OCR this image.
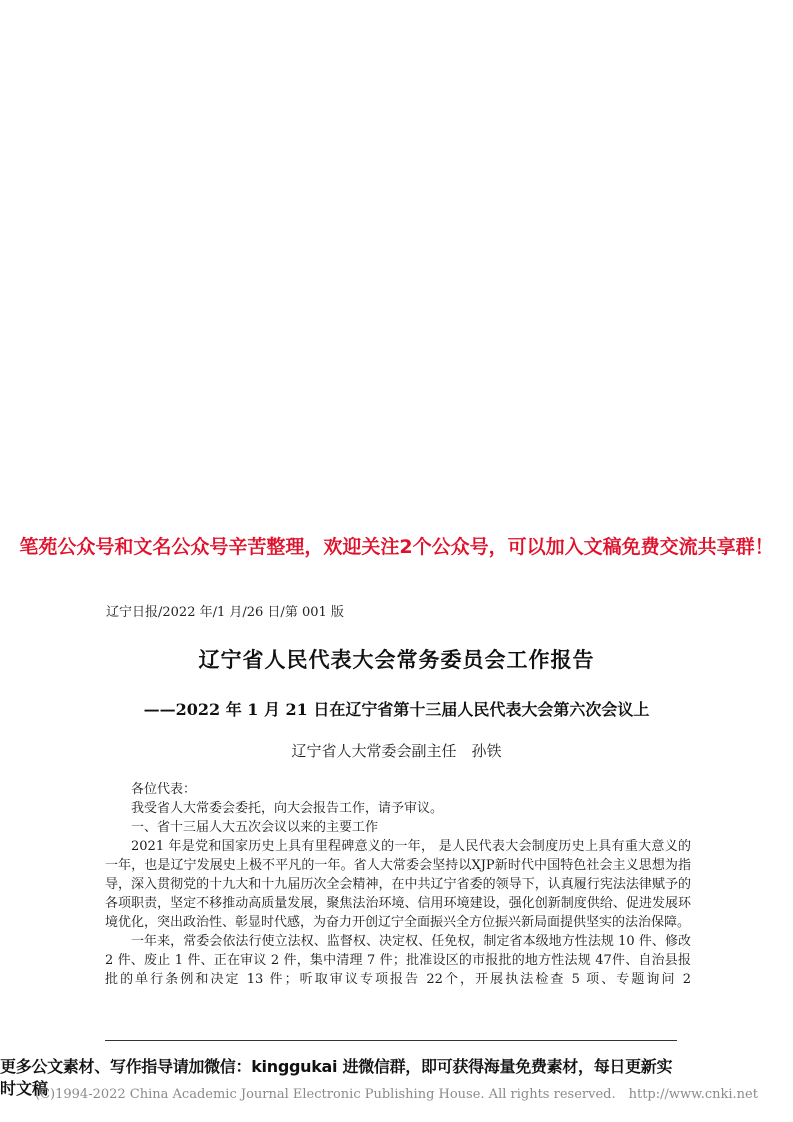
笔苑公众号和文名公众号辛苦整理，欢迎关注2个公众号，可以加入文稿免费交流共享群！
辽宁日报/2022 年/1 月/26 日/第 001 版
辽宁省人民代表大会常务委员会工作报告
——2022 年 1 月 21 日在辽宁省第十三届人民代表大会第六次会议上
辽宁省人大常委会副主任　孙铁

各位代表：

我受省人大常委会委托，向大会报告工作，请予审议。

一、省十三届人大五次会议以来的主要工作

2021 年是党和国家历史上具有里程碑意义的一年， 是人民代表大会制度历史上具有重大意义的一年，也是辽宁发展史上极不平凡的一年。省人大常委会坚持以XJP新时代中国特色社会主义思想为指导，深入贯彻党的十九大和十九届历次全会精神，在中共辽宁省委的领导下，认真履行宪法法律赋予的各项职责，坚定不移推动高质量发展，聚焦法治环境、信用环境建设，强化创新制度供给、促进发展环境优化，突出政治性、彰显时代感，为奋力开创辽宁全面振兴全方位振兴新局面提供坚实的法治保障。

一年来，常委会依法行使立法权、监督权、决定权、任免权，制定省本级地方性法规 10 件、修改 2 件、废止 1 件、正在审议 2 件，集中清理 7 件；批准设区的市报批的地方性法规 47件、自治县报批的单行条例和决定 13 件；听取审议专项报告 22个，开展执法检查 5 项、专题询问 2

更多公文素材、写作指导请加微信：kinggukai 进微信群，即可获得海量免费素材，每日更新实
时文稿
(C)1994-2022 China Academic Journal Electronic Publishing House. All rights reserved.　http://www.cnki.net
